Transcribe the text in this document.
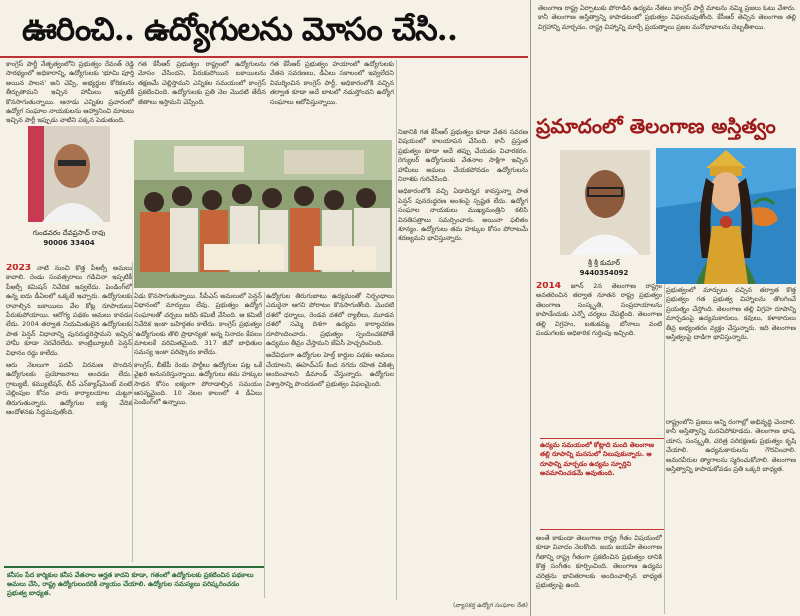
ఊరించి.. ఉద్యోగులను మోసం చేసి..
కాంగ్రెస్ పార్టీ నేతృత్వంలోని ప్రభుత్వం రేవంత్ రెడ్డి సారథ్యంలో అధికారాన్ని, ఉద్యోగులకు 'భూమి పూర్తి అయిన పాలన' అని చెప్పి, అభ్యర్థుల కోరికలను తీర్చుతామని ఇచ్చిన హామీలు ఇప్పటికీ కొనసాగుతున్నాయి. ఆనాడు ఎన్నికల ప్రచారంలో ఉద్యోగ సంఘాల నాయకులను ఆహ్వానించి మాటలు ఇచ్చిన పార్టీ ఇప్పుడు వాటిని పక్కన పెడుతుంది.
గత కేసీఆర్ ప్రభుత్వం రాష్ట్రంలో ఉద్యోగులను మోసం చేసిందని, పేరుకుపోయిన బకాయిలను తక్షణమే చెల్లిస్తామని ఎన్నికల సమయంలో కాంగ్రెస్ ప్రకటించింది. ఉద్యోగులకు ప్రతి నెల మొదటి తేదీన జీతాలు ఇస్తామని చెప్పింది.
గత కేసీఆర్ ప్రభుత్వం హయాంలో ఉద్యోగులకు వేతన సవరణలు, డీఏలు సకాలంలో ఇవ్వలేదని విమర్శించిన కాంగ్రెస్ పార్టీ, అధికారంలోకి వచ్చిన తర్వాత కూడా అదే బాటలో నడుస్తోందని ఉద్యోగ సంఘాలు ఆరోపిస్తున్నాయి.
గుండవరం దేవప్రసాద్ రావు
90006 33404

2023 నాటి నుంచి కొత్త పీఆర్సీ అమలు కావాలి. రెండు సంవత్సరాలు గడిచినా ఇప్పటికీ పీఆర్సీ కమిషన్ నివేదిక ఇవ్వలేదు. పెండింగ్‌లో ఉన్న ఐదు డీఏలలో ఒక్కటే ఇచ్చారు. ఉద్యోగులకు రావాల్సిన బకాయిలు వేల కోట్ల రూపాయలు పేరుకుపోయాయి. ఆరోగ్య పథకం అమలు కావడం లేదు. 2004 తర్వాత నియమితులైన ఉద్యోగులకు పాత పెన్షన్ విధానాన్ని పునరుద్ధరిస్తామని ఇచ్చిన హామీ కూడా నెరవేరలేదు. కాంట్రిబ్యూటరీ పెన్షన్ విధానం రద్దు కాలేదు.

ఆరు నెలలుగా పదవీ విరమణ పొందిన ఉద్యోగులకు ప్రయోజనాలు అందడం లేదు. గ్రాట్యుటీ, కమ్యుటేషన్, లీవ్ ఎన్‌క్యాష్‌మెంట్ వంటి చెల్లింపుల కోసం వారు కార్యాలయాల చుట్టూ తిరుగుతున్నారు. ఉద్యోగుల ఐక్య వేదిక ఆందోళనకు సిద్ధమవుతోంది.

ఏడు కొనసాగుతున్నాయి. సీపీఎస్ అమలులో పెన్షన్ విధానంలో మార్పులు లేవు. ప్రభుత్వం ఉద్యోగ సంఘాలతో చర్చలు జరిపి కమిటీ వేసింది. ఆ కమిటీ నివేదిక ఇంకా బహిర్గతం కాలేదు. కాంగ్రెస్ ప్రభుత్వం 'ఉద్యోగులకు తొలి ప్రాధాన్యత' అన్న నినాదం కేవలం మాటలకే పరిమితమైంది. 317 జీవో బాధితుల సమస్య ఇంకా పరిష్కారం కాలేదు.

కాంగ్రెస్, బీజేపీ రెండు పార్టీలు ఉద్యోగుల పట్ల ఒకే వైఖరి అనుసరిస్తున్నాయి. ఉద్యోగులు తమ హక్కుల సాధన కోసం ఐక్యంగా పోరాడాల్సిన సమయం ఆసన్నమైంది. 10 నెలల కాలంలో 4 డీఏలు పెండింగ్‌లో ఉన్నాయి.

ఉద్యోగుల తిరుగుబాటు ఉద్యమంతో నిర్బంధాలు ఎదురైనా ఆగని పోరాటం కొనసాగుతోంది. మొదటి దశలో ధర్నాలు, రెండవ దశలో ర్యాలీలు, మూడవ దశలో సమ్మె దిశగా ఉద్యమ కార్యాచరణ రూపొందించారు. ప్రభుత్వం స్పందించకపోతే ఉద్యమం తీవ్రం చేస్తామని జేఏసీ హెచ్చరించింది.

అదేవిధంగా ఉద్యోగుల హెల్త్ కార్డుల పథకం అమలు చేయాలని, ఈహెచ్ఎస్ కింద నగదు రహిత చికిత్స అందించాలని డిమాండ్ చేస్తున్నారు. ఉద్యోగుల విశ్వాసాన్ని పొందడంలో ప్రభుత్వం విఫలమైంది.

నిజానికి గత కేసీఆర్ ప్రభుత్వం కూడా వేతన సవరణ విషయంలో కాలయాపన చేసింది. కానీ ప్రస్తుత ప్రభుత్వం కూడా అదే తప్పు చేయడం విచారకరం. రెగ్యులర్ ఉద్యోగులకు వేతనాల సాక్షిగా ఇచ్చిన హామీలు అమలు చేయకపోవడం ఉద్యోగులను నిరాశకు గురిచేసింది.

అధికారంలోకి వచ్చి ఏడాదిన్నర కావస్తున్నా పాత పెన్షన్ పునరుద్ధరణ అంశంపై స్పష్టత లేదు. ఉద్యోగ సంఘాల నాయకులు ముఖ్యమంత్రిని కలిసి వినతిపత్రాలు సమర్పించారు. అయినా ఫలితం శూన్యం. ఉద్యోగులు తమ హక్కుల కోసం పోరాటమే శరణ్యమని భావిస్తున్నారు.

కనీసం పేద కార్మికుల కనీస వేతనాల అర్హత కాదని కూడా, గతంలో ఉద్యోగులకు ప్రకటించిన పథకాలు అమలు చేసి, రాష్ట్ర ఉద్యోగులందరికీ న్యాయం చేయాలి. ఉద్యోగుల సమస్యలు పరిష్కరించడం ప్రభుత్వ బాధ్యత.
(వ్యాసకర్త ఉద్యోగ సంఘాల నేత)
తెలంగాణ రాష్ట్ర ఏర్పాటుకు పోరాడిన ఉద్యమ నేతలు కాంగ్రెస్ పార్టీ మాటను నమ్మి ప్రజలు ఓటు వేశారు. కానీ తెలంగాణ అస్తిత్వాన్ని కాపాడటంలో ప్రభుత్వం విఫలమవుతోంది. కేసీఆర్ తెచ్చిన తెలంగాణ తల్లి విగ్రహాన్ని మార్చడం, రాష్ట్ర చిహ్నాన్ని మార్చే ప్రయత్నాలు ప్రజల మనోభావాలను దెబ్బతీశాయి.
ప్రమాదంలో తెలంగాణ అస్తిత్వం
శ్రీ శ్రీ కుమార్
9440354092

2014 జూన్ 2న తెలంగాణ రాష్ట్రం అవతరించిన తర్వాత నూతన రాష్ట్ర ప్రభుత్వం తెలంగాణ సంస్కృతి, సంప్రదాయాలను కాపాడేందుకు ఎన్నో చర్యలు చేపట్టింది. తెలంగాణ తల్లి విగ్రహం, బతుకమ్మ, బోనాలు వంటి పండుగలకు అధికారిక గుర్తింపు ఇచ్చింది.

ఉద్యమ సమయంలో కోట్లాది మంది తెలంగాణ తల్లి రూపాన్ని మనసులో నిలుపుకున్నారు. ఆ రూపాన్ని మార్చడం ఉద్యమ స్ఫూర్తిని అవమానించడమే అవుతుంది.
అంతే కాకుండా తెలంగాణ రాష్ట్ర గీతం విషయంలో కూడా వివాదం నెలకొంది. జయ జయహే తెలంగాణ గీతాన్ని రాష్ట్ర గీతంగా ప్రకటించిన ప్రభుత్వం దానికి కొత్త సంగీతం కూర్పించింది. తెలంగాణ ఉద్యమ చరిత్రను భావితరాలకు అందించాల్సిన బాధ్యత ప్రభుత్వంపై ఉంది.
ప్రభుత్వంలో మార్పులు వచ్చిన తర్వాత కొత్త ప్రభుత్వం గత ప్రభుత్వ చిహ్నాలను తొలగించే ప్రయత్నం చేస్తోంది. తెలంగాణ తల్లి విగ్రహ రూపాన్ని మార్చడంపై ఉద్యమకారులు, కవులు, కళాకారులు తీవ్ర అభ్యంతరం వ్యక్తం చేస్తున్నారు. ఇది తెలంగాణ అస్తిత్వంపై దాడిగా భావిస్తున్నారు.
రాష్ట్రంలోని ప్రజలు అన్ని రంగాల్లో అభివృద్ధి చెందాలి. కానీ అస్తిత్వాన్ని మరచిపోకూడదు. తెలంగాణ భాష, యాస, సంస్కృతి, చరిత్ర పరిరక్షణకు ప్రభుత్వం కృషి చేయాలి. ఉద్యమకారులను గౌరవించాలి. అమరవీరుల త్యాగాలను స్మరించుకోవాలి. తెలంగాణ అస్తిత్వాన్ని కాపాడుకోవడం ప్రతి ఒక్కరి బాధ్యత.
